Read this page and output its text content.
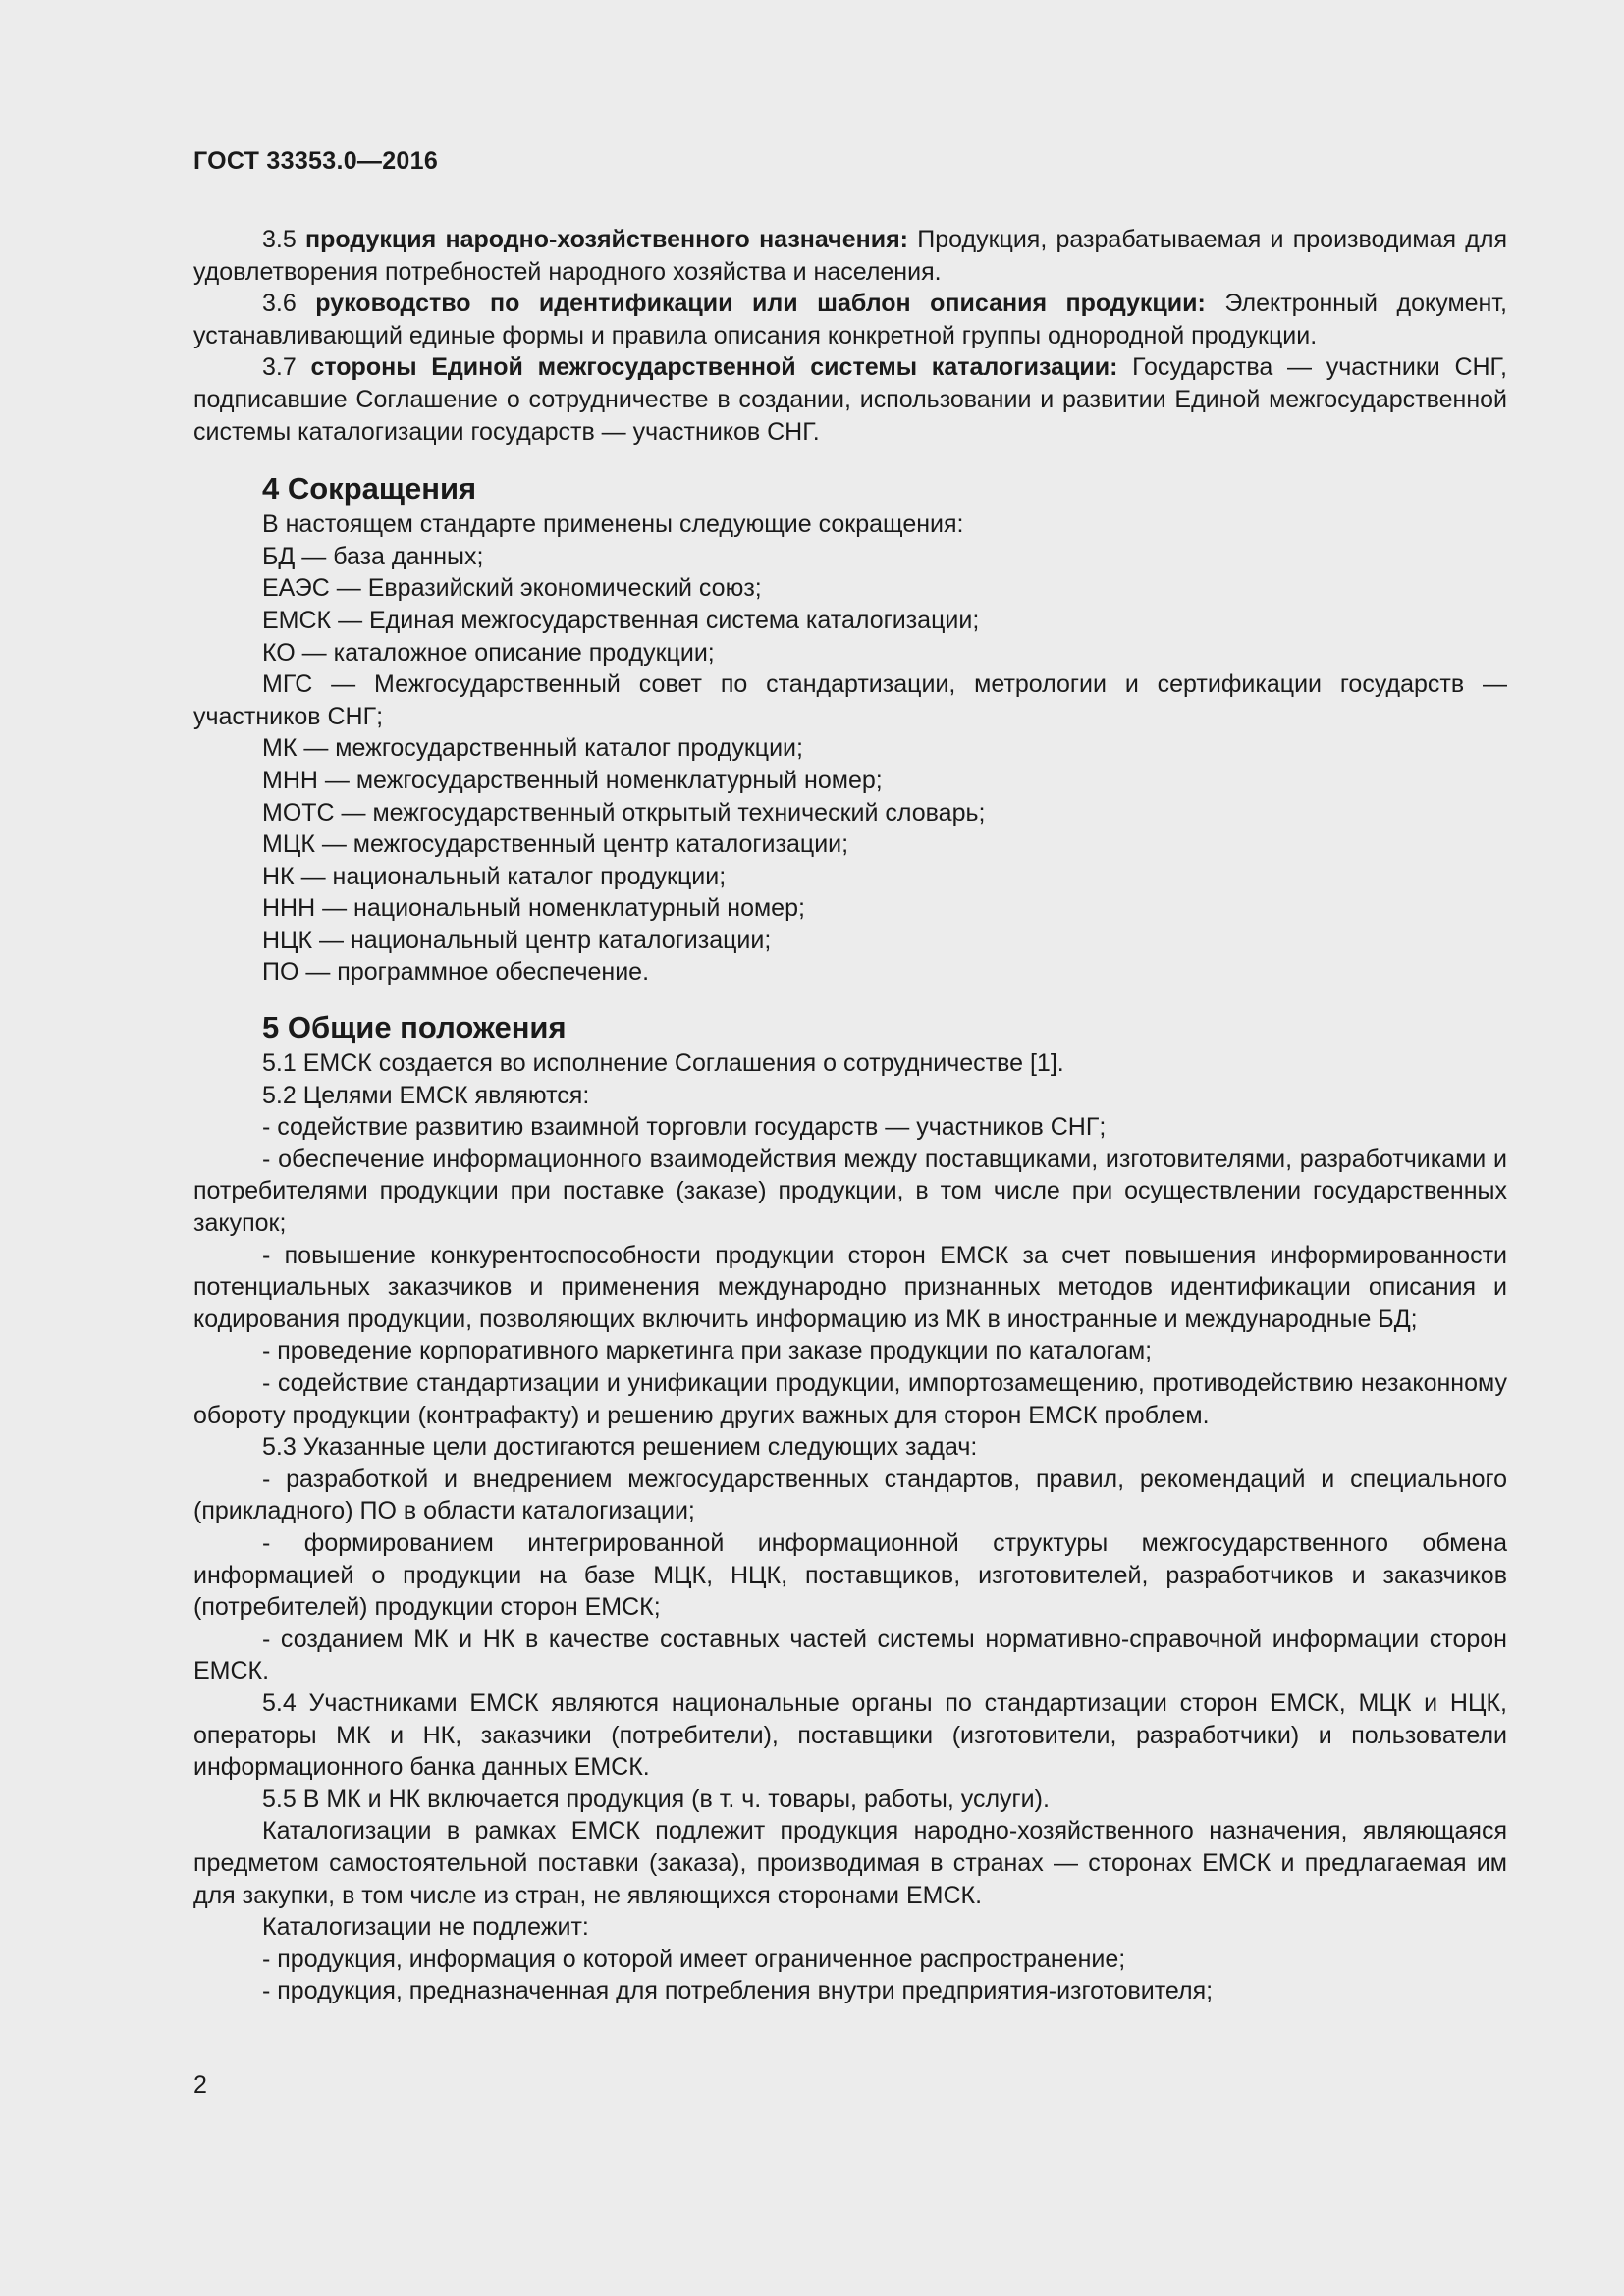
ГОСТ 33353.0—2016

3.5 продукция народно-хозяйственного назначения: Продукция, разрабатываемая и производимая для удовлетворения потребностей народного хозяйства и населения.

3.6 руководство по идентификации или шаблон описания продукции: Электронный документ, устанавливающий единые формы и правила описания конкретной группы однородной продукции.

3.7 стороны Единой межгосударственной системы каталогизации: Государства — участники СНГ, подписавшие Соглашение о сотрудничестве в создании, использовании и развитии Единой межгосударственной системы каталогизации государств — участников СНГ.

4 Сокращения

В настоящем стандарте применены следующие сокращения:

БД — база данных;

ЕАЭС — Евразийский экономический союз;

ЕМСК — Единая межгосударственная система каталогизации;

КО — каталожное описание продукции;

МГС — Межгосударственный совет по стандартизации, метрологии и сертификации государств — участников СНГ;

МК — межгосударственный каталог продукции;

МНН — межгосударственный номенклатурный номер;

МОТС — межгосударственный открытый технический словарь;

МЦК — межгосударственный центр каталогизации;

НК — национальный каталог продукции;

ННН — национальный номенклатурный номер;

НЦК — национальный центр каталогизации;

ПО — программное обеспечение.

5 Общие положения

5.1 ЕМСК создается во исполнение Соглашения о сотрудничестве [1].

5.2 Целями ЕМСК являются:

- содействие развитию взаимной торговли государств — участников СНГ;

- обеспечение информационного взаимодействия между поставщиками, изготовителями, разработчиками и потребителями продукции при поставке (заказе) продукции, в том числе при осуществлении государственных закупок;

- повышение конкурентоспособности продукции сторон ЕМСК за счет повышения информированности потенциальных заказчиков и применения международно признанных методов идентификации описания и кодирования продукции, позволяющих включить информацию из МК в иностранные и международные БД;

- проведение корпоративного маркетинга при заказе продукции по каталогам;

- содействие стандартизации и унификации продукции, импортозамещению, противодействию незаконному обороту продукции (контрафакту) и решению других важных для сторон ЕМСК проблем.

5.3 Указанные цели достигаются решением следующих задач:

- разработкой и внедрением межгосударственных стандартов, правил, рекомендаций и специального (прикладного) ПО в области каталогизации;

- формированием интегрированной информационной структуры межгосударственного обмена информацией о продукции на базе МЦК, НЦК, поставщиков, изготовителей, разработчиков и заказчиков (потребителей) продукции сторон ЕМСК;

- созданием МК и НК в качестве составных частей системы нормативно-справочной информации сторон ЕМСК.

5.4 Участниками ЕМСК являются национальные органы по стандартизации сторон ЕМСК, МЦК и НЦК, операторы МК и НК, заказчики (потребители), поставщики (изготовители, разработчики) и пользователи информационного банка данных ЕМСК.

5.5 В МК и НК включается продукция (в т. ч. товары, работы, услуги).

Каталогизации в рамках ЕМСК подлежит продукция народно-хозяйственного назначения, являющаяся предметом самостоятельной поставки (заказа), производимая в странах — сторонах ЕМСК и предлагаемая им для закупки, в том числе из стран, не являющихся сторонами ЕМСК.

Каталогизации не подлежит:

- продукция, информация о которой имеет ограниченное распространение;

- продукция, предназначенная для потребления внутри предприятия-изготовителя;

2
